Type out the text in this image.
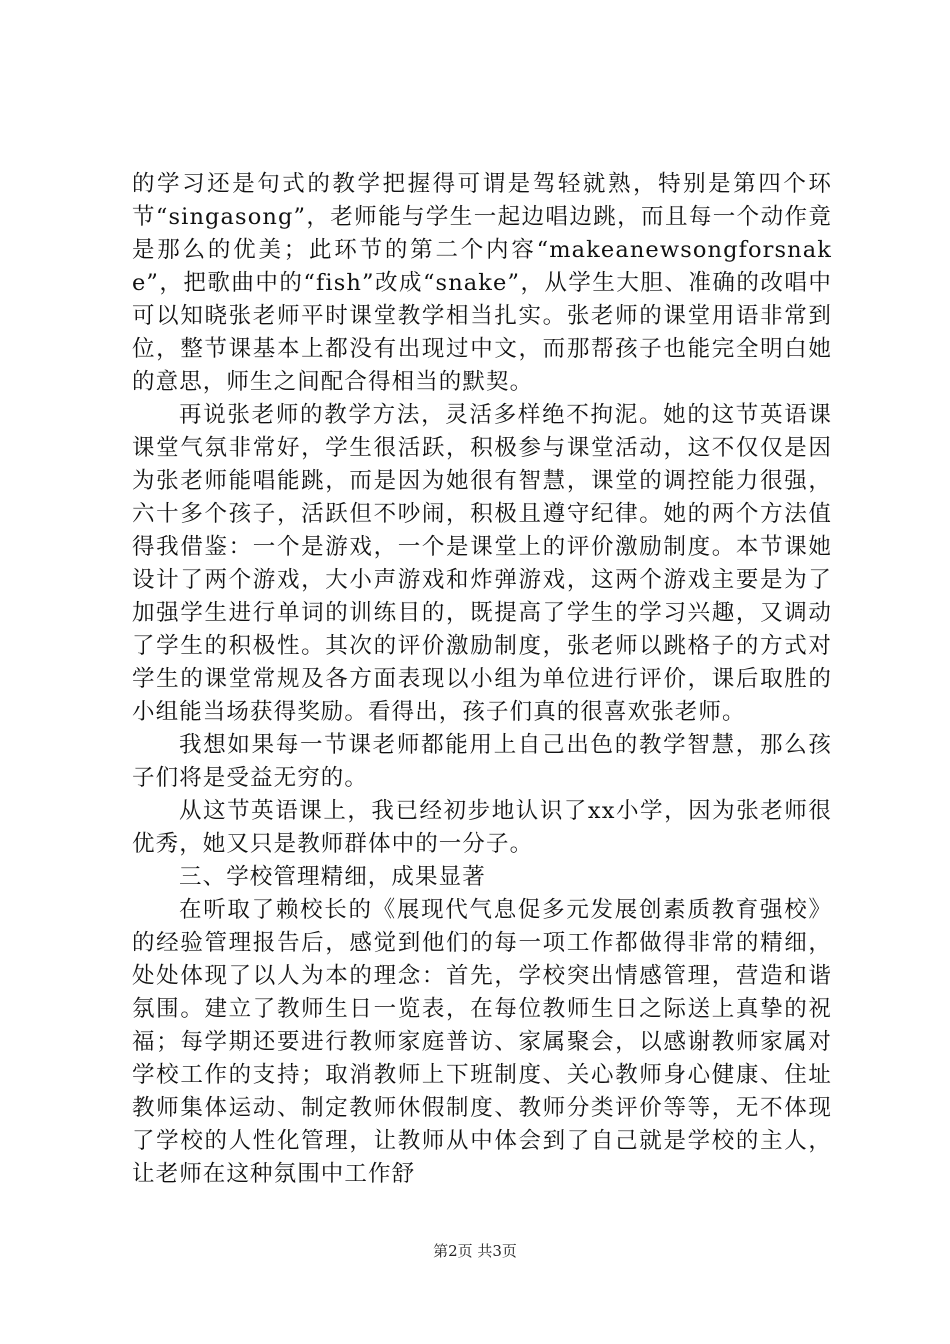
的学习还是句式的教学把握得可谓是驾轻就熟，特别是第四个环节“singasong”，老师能与学生一起边唱边跳，而且每一个动作竟是那么的优美；此环节的第二个内容“makeanewsongforsnake”，把歌曲中的“fish”改成“snake”，从学生大胆、准确的改唱中可以知晓张老师平时课堂教学相当扎实。张老师的课堂用语非常到位，整节课基本上都没有出现过中文，而那帮孩子也能完全明白她的意思，师生之间配合得相当的默契。

再说张老师的教学方法，灵活多样绝不拘泥。她的这节英语课课堂气氛非常好，学生很活跃，积极参与课堂活动，这不仅仅是因为张老师能唱能跳，而是因为她很有智慧，课堂的调控能力很强，六十多个孩子，活跃但不吵闹，积极且遵守纪律。她的两个方法值得我借鉴：一个是游戏，一个是课堂上的评价激励制度。本节课她设计了两个游戏，大小声游戏和炸弹游戏，这两个游戏主要是为了加强学生进行单词的训练目的，既提高了学生的学习兴趣，又调动了学生的积极性。其次的评价激励制度，张老师以跳格子的方式对学生的课堂常规及各方面表现以小组为单位进行评价，课后取胜的小组能当场获得奖励。看得出，孩子们真的很喜欢张老师。

我想如果每一节课老师都能用上自己出色的教学智慧，那么孩子们将是受益无穷的。

从这节英语课上，我已经初步地认识了xx小学，因为张老师很优秀，她又只是教师群体中的一分子。

三、学校管理精细，成果显著

在听取了赖校长的《展现代气息促多元发展创素质教育强校》的经验管理报告后，感觉到他们的每一项工作都做得非常的精细，处处体现了以人为本的理念：首先，学校突出情感管理，营造和谐氛围。建立了教师生日一览表，在每位教师生日之际送上真挚的祝福；每学期还要进行教师家庭普访、家属聚会，以感谢教师家属对学校工作的支持；取消教师上下班制度、关心教师身心健康、住址教师集体运动、制定教师休假制度、教师分类评价等等，无不体现了学校的人性化管理，让教师从中体会到了自己就是学校的主人，让老师在这种氛围中工作舒

第2页 共3页
